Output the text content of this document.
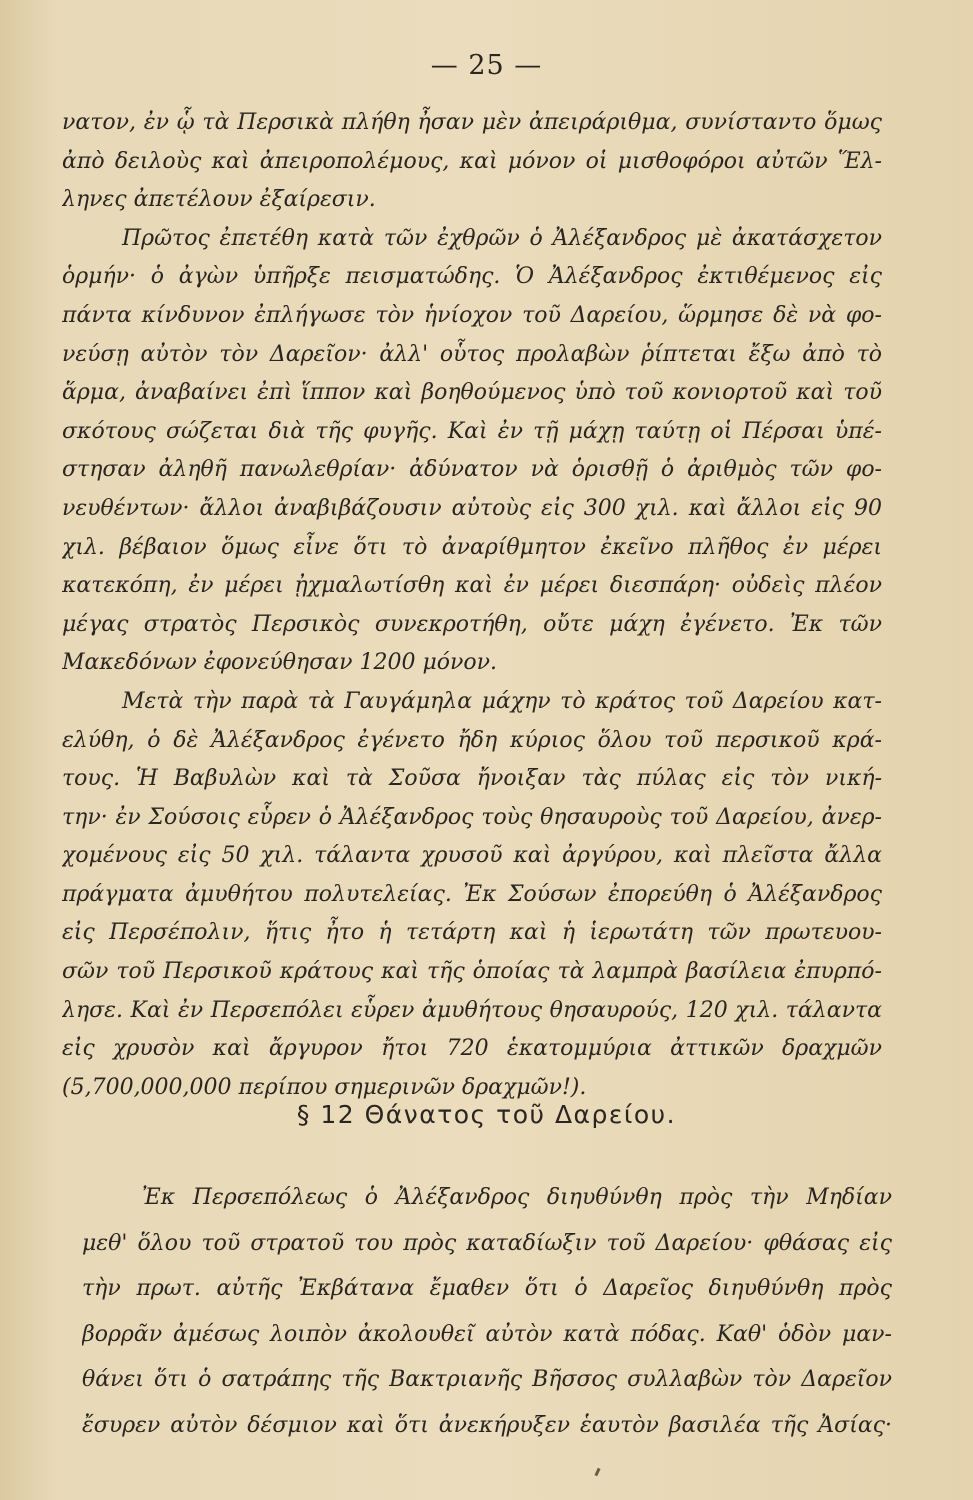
— 25 —
νατον, ἐν ᾧ τὰ Περσικὰ πλήθη ἦσαν μὲν ἀπειράριθμα, συνίσταντο ὅμως
ἀπὸ δειλοὺς καὶ ἀπειροπολέμους, καὶ μόνον οἱ μισθοφόροι αὐτῶν Ἕλ-
ληνες ἀπετέλουν ἐξαίρεσιν.
Πρῶτος ἐπετέθη κατὰ τῶν ἐχθρῶν ὁ Ἀλέξανδρος μὲ ἀκατάσχετον
ὁρμήν· ὁ ἀγὼν ὑπῆρξε πεισματώδης. Ὁ Ἀλέξανδρος ἐκτιθέμενος εἰς
πάντα κίνδυνον ἐπλήγωσε τὸν ἡνίοχον τοῦ Δαρείου, ὥρμησε δὲ νὰ φο-
νεύσῃ αὐτὸν τὸν Δαρεῖον· ἀλλ' οὗτος προλαβὼν ῥίπτεται ἔξω ἀπὸ τὸ
ἅρμα, ἀναβαίνει ἐπὶ ἵππον καὶ βοηθούμενος ὑπὸ τοῦ κονιορτοῦ καὶ τοῦ
σκότους σώζεται διὰ τῆς φυγῆς. Καὶ ἐν τῇ μάχῃ ταύτῃ οἱ Πέρσαι ὑπέ-
στησαν ἀληθῆ πανωλεθρίαν· ἀδύνατον νὰ ὁρισθῇ ὁ ἀριθμὸς τῶν φο-
νευθέντων· ἄλλοι ἀναβιβάζουσιν αὐτοὺς εἰς 300 χιλ. καὶ ἄλλοι εἰς 90
χιλ. βέβαιον ὅμως εἶνε ὅτι τὸ ἀναρίθμητον ἐκεῖνο πλῆθος ἐν μέρει
κατεκόπη, ἐν μέρει ᾐχμαλωτίσθη καὶ ἐν μέρει διεσπάρη· οὐδεὶς πλέον
μέγας στρατὸς Περσικὸς συνεκροτήθη, οὔτε μάχη ἐγένετο. Ἐκ τῶν
Μακεδόνων ἐφονεύθησαν 1200 μόνον.
Μετὰ τὴν παρὰ τὰ Γαυγάμηλα μάχην τὸ κράτος τοῦ Δαρείου κατ-
ελύθη, ὁ δὲ Ἀλέξανδρος ἐγένετο ἤδη κύριος ὅλου τοῦ περσικοῦ κρά-
τους. Ἡ Βαβυλὼν καὶ τὰ Σοῦσα ἤνοιξαν τὰς πύλας εἰς τὸν νική-
την· ἐν Σούσοις εὗρεν ὁ Ἀλέξανδρος τοὺς θησαυροὺς τοῦ Δαρείου, ἀνερ-
χομένους εἰς 50 χιλ. τάλαντα χρυσοῦ καὶ ἀργύρου, καὶ πλεῖστα ἄλλα
πράγματα ἀμυθήτου πολυτελείας. Ἐκ Σούσων ἐπορεύθη ὁ Ἀλέξανδρος
εἰς Περσέπολιν, ἥτις ἦτο ἡ τετάρτη καὶ ἡ ἱερωτάτη τῶν πρωτευου-
σῶν τοῦ Περσικοῦ κράτους καὶ τῆς ὁποίας τὰ λαμπρὰ βασίλεια ἐπυρπό-
λησε. Καὶ ἐν Περσεπόλει εὗρεν ἀμυθήτους θησαυρούς, 120 χιλ. τάλαντα
εἰς χρυσὸν καὶ ἄργυρον ἤτοι 720 ἑκατομμύρια ἀττικῶν δραχμῶν
(5,700,000,000 περίπου σημερινῶν δραχμῶν!).
§ 12 Θάνατος τοῦ Δαρείου.
Ἐκ Περσεπόλεως ὁ Ἀλέξανδρος διηυθύνθη πρὸς τὴν Μηδίαν
μεθ' ὅλου τοῦ στρατοῦ του πρὸς καταδίωξιν τοῦ Δαρείου· φθάσας εἰς
τὴν πρωτ. αὐτῆς Ἐκβάτανα ἔμαθεν ὅτι ὁ Δαρεῖος διηυθύνθη πρὸς
βορρᾶν ἀμέσως λοιπὸν ἀκολουθεῖ αὐτὸν κατὰ πόδας. Καθ' ὁδὸν μαν-
θάνει ὅτι ὁ σατράπης τῆς Βακτριανῆς Βῆσσος συλλαβὼν τὸν Δαρεῖον
ἔσυρεν αὐτὸν δέσμιον καὶ ὅτι ἀνεκήρυξεν ἑαυτὸν βασιλέα τῆς Ἀσίας·
